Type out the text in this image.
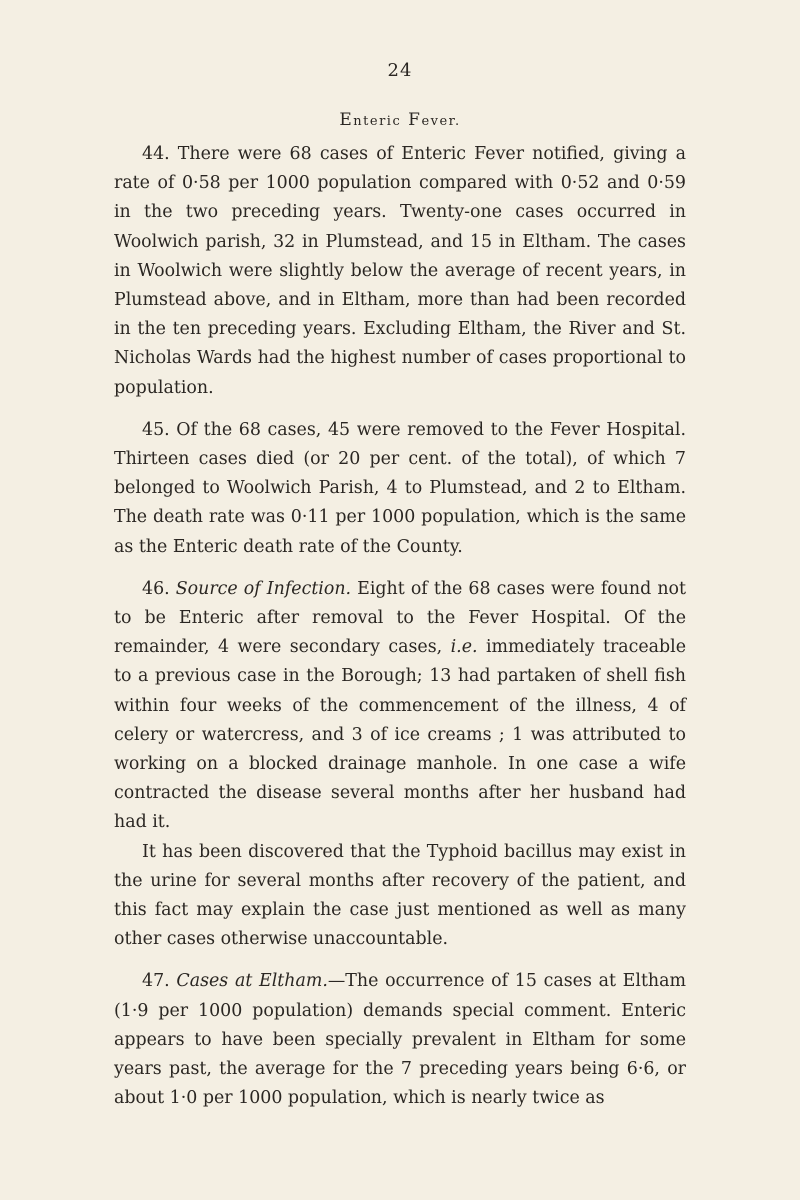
24
Enteric Fever.

44. There were 68 cases of Enteric Fever notified, giving a rate of 0·58 per 1000 population compared with 0·52 and 0·59 in the two preceding years. Twenty-one cases occurred in Woolwich parish, 32 in Plumstead, and 15 in Eltham. The cases in Woolwich were slightly below the average of recent years, in Plumstead above, and in Eltham, more than had been recorded in the ten preceding years. Excluding Eltham, the River and St. Nicholas Wards had the highest number of cases proportional to population.

45. Of the 68 cases, 45 were removed to the Fever Hospital. Thirteen cases died (or 20 per cent. of the total), of which 7 belonged to Woolwich Parish, 4 to Plumstead, and 2 to Eltham. The death rate was 0·11 per 1000 population, which is the same as the Enteric death rate of the County.

46. Source of Infection. Eight of the 68 cases were found not to be Enteric after removal to the Fever Hospital. Of the remainder, 4 were secondary cases, i.e. immediately traceable to a previous case in the Borough; 13 had partaken of shell fish within four weeks of the commencement of the illness, 4 of celery or watercress, and 3 of ice creams ; 1 was attributed to working on a blocked drainage manhole. In one case a wife contracted the disease several months after her husband had had it.

It has been discovered that the Typhoid bacillus may exist in the urine for several months after recovery of the patient, and this fact may explain the case just mentioned as well as many other cases otherwise unaccountable.

47. Cases at Eltham.—The occurrence of 15 cases at Eltham (1·9 per 1000 population) demands special comment. Enteric appears to have been specially prevalent in Eltham for some years past, the average for the 7 preceding years being 6·6, or about 1·0 per 1000 population, which is nearly twice as
